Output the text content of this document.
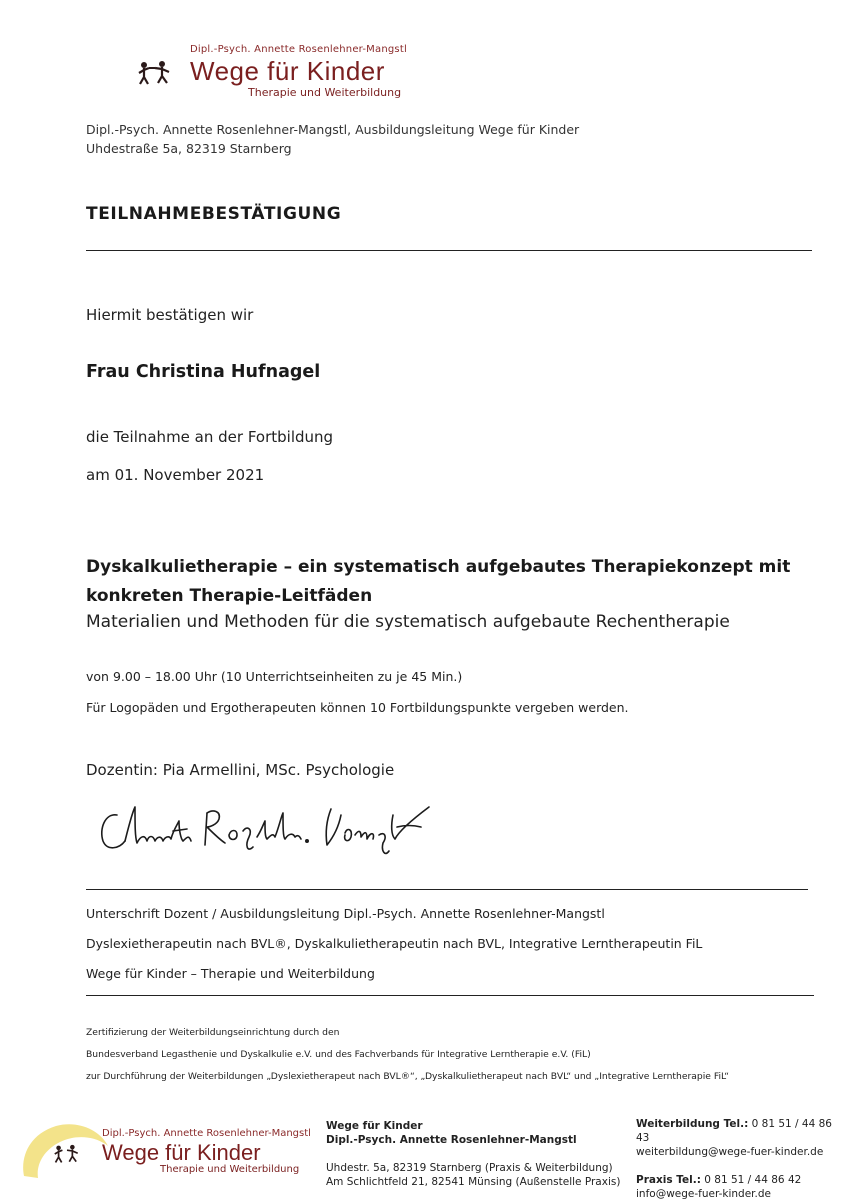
Dipl.-Psych. Annette Rosenlehner-Mangstl
Wege für Kinder
Therapie und Weiterbildung
Dipl.-Psych. Annette Rosenlehner-Mangstl, Ausbildungsleitung Wege für Kinder
Uhdestraße 5a, 82319 Starnberg
TEILNAHMEBESTÄTIGUNG
Hiermit bestätigen wir
Frau Christina Hufnagel
die Teilnahme an der Fortbildung
am 01. November 2021
Dyskalkulietherapie – ein systematisch aufgebautes Therapiekonzept mit konkreten Therapie-Leitfäden
Materialien und Methoden für die systematisch aufgebaute Rechentherapie
von 9.00 – 18.00 Uhr (10 Unterrichtseinheiten zu je 45 Min.)
Für Logopäden und Ergotherapeuten können 10 Fortbildungspunkte vergeben werden.
Dozentin: Pia Armellini, MSc. Psychologie
Unterschrift Dozent / Ausbildungsleitung Dipl.-Psych. Annette Rosenlehner-Mangstl
Dyslexietherapeutin nach BVL®, Dyskalkulietherapeutin nach BVL, Integrative Lerntherapeutin FiL
Wege für Kinder – Therapie und Weiterbildung
Zertifizierung der Weiterbildungseinrichtung durch den
Bundesverband Legasthenie und Dyskalkulie e.V. und des Fachverbands für Integrative Lerntherapie e.V. (FiL)
zur Durchführung der Weiterbildungen „Dyslexietherapeut nach BVL®“, „Dyskalkulietherapeut nach BVL“ und „Integrative Lerntherapie FiL“
Dipl.-Psych. Annette Rosenlehner-Mangstl
Wege für Kinder
Therapie und Weiterbildung
Wege für Kinder
Dipl.-Psych. Annette Rosenlehner-Mangstl
Uhdestr. 5a, 82319 Starnberg (Praxis & Weiterbildung)
Am Schlichtfeld 21, 82541 Münsing (Außenstelle Praxis)
Weiterbildung Tel.: 0 81 51 / 44 86 43
weiterbildung@wege-fuer-kinder.de
Praxis Tel.: 0 81 51 / 44 86 42
info@wege-fuer-kinder.de
